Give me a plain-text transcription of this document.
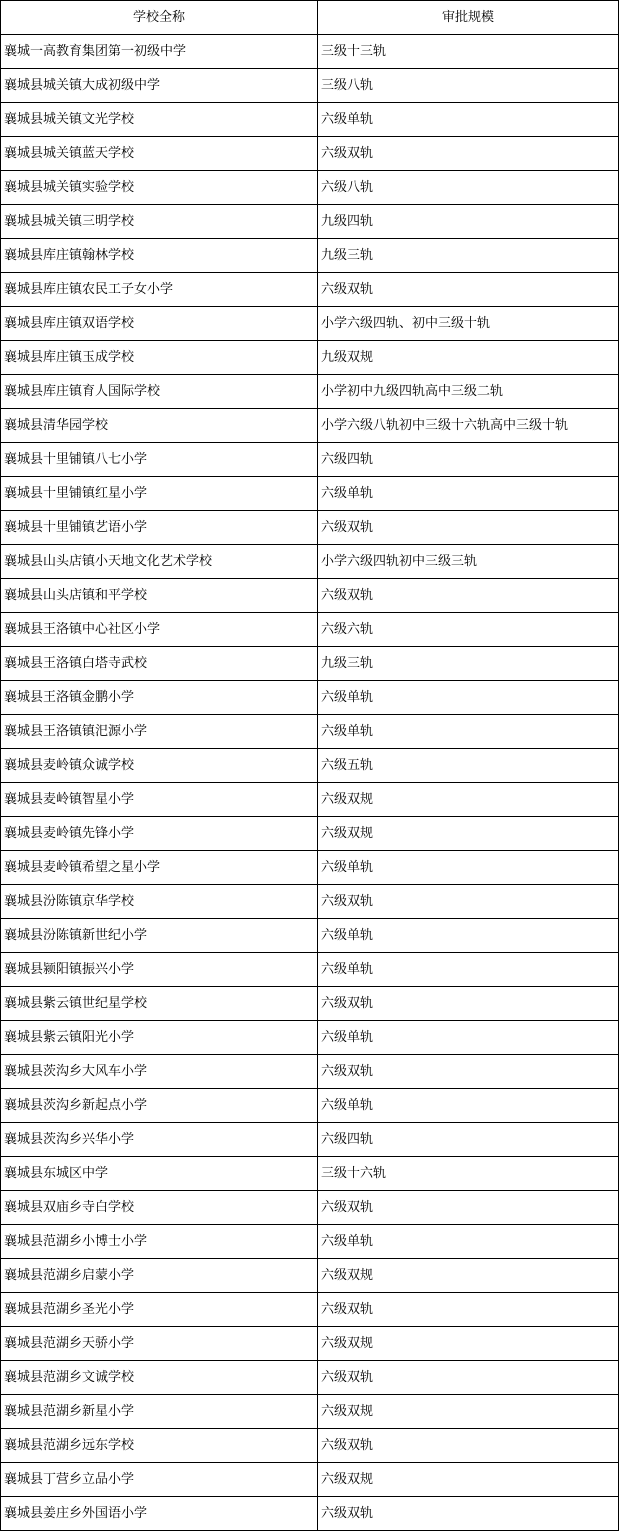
学校全称	审批规模
襄城一高教育集团第一初级中学	三级十三轨
襄城县城关镇大成初级中学	三级八轨
襄城县城关镇文光学校	六级单轨
襄城县城关镇蓝天学校	六级双轨
襄城县城关镇实验学校	六级八轨
襄城县城关镇三明学校	九级四轨
襄城县库庄镇翰林学校	九级三轨
襄城县库庄镇农民工子女小学	六级双轨
襄城县库庄镇双语学校	小学六级四轨、初中三级十轨
襄城县库庄镇玉成学校	九级双规
襄城县库庄镇育人国际学校	小学初中九级四轨高中三级二轨
襄城县清华园学校	小学六级八轨初中三级十六轨高中三级十轨
襄城县十里铺镇八七小学	六级四轨
襄城县十里铺镇红星小学	六级单轨
襄城县十里铺镇艺语小学	六级双轨
襄城县山头店镇小天地文化艺术学校	小学六级四轨初中三级三轨
襄城县山头店镇和平学校	六级双轨
襄城县王洛镇中心社区小学	六级六轨
襄城县王洛镇白塔寺武校	九级三轨
襄城县王洛镇金鹏小学	六级单轨
襄城县王洛镇镇汜源小学	六级单轨
襄城县麦岭镇众诚学校	六级五轨
襄城县麦岭镇智星小学	六级双规
襄城县麦岭镇先锋小学	六级双规
襄城县麦岭镇希望之星小学	六级单轨
襄城县汾陈镇京华学校	六级双轨
襄城县汾陈镇新世纪小学	六级单轨
襄城县颍阳镇振兴小学	六级单轨
襄城县紫云镇世纪星学校	六级双轨
襄城县紫云镇阳光小学	六级单轨
襄城县茨沟乡大风车小学	六级双轨
襄城县茨沟乡新起点小学	六级单轨
襄城县茨沟乡兴华小学	六级四轨
襄城县东城区中学	三级十六轨
襄城县双庙乡寺白学校	六级双轨
襄城县范湖乡小博士小学	六级单轨
襄城县范湖乡启蒙小学	六级双规
襄城县范湖乡圣光小学	六级双轨
襄城县范湖乡天骄小学	六级双规
襄城县范湖乡文诚学校	六级双轨
襄城县范湖乡新星小学	六级双规
襄城县范湖乡远东学校	六级双轨
襄城县丁营乡立品小学	六级双规
襄城县姜庄乡外国语小学	六级双轨
